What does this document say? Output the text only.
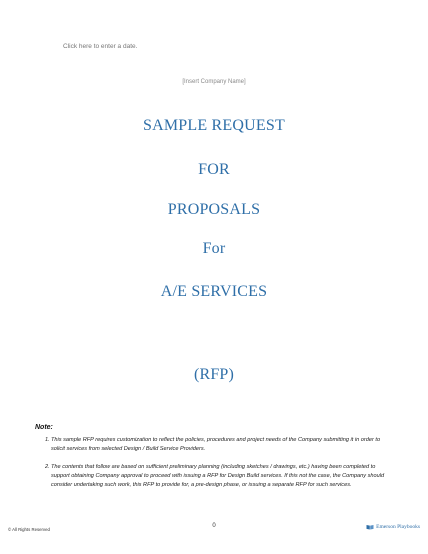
Click here to enter a date.
[Insert Company Name]
SAMPLE REQUEST
FOR
PROPOSALS
For
A/E SERVICES
(RFP)
Note:
1. This sample RFP requires customization to reflect the policies, procedures and project needs of the Company submitting it in order to solicit services from selected Design / Build Service Providers.
2. The contents that follow are based on sufficient preliminary planning (including sketches / drawings, etc.) having been completed to support obtaining Company approval to proceed with issuing a RFP for Design Build services. If this not the case, the Company should consider undertaking such work, this RFP to provide for, a pre-design phase, or issuing a separate RFP for such services.
© All Rights Reserved
0	Emerson Playbooks
